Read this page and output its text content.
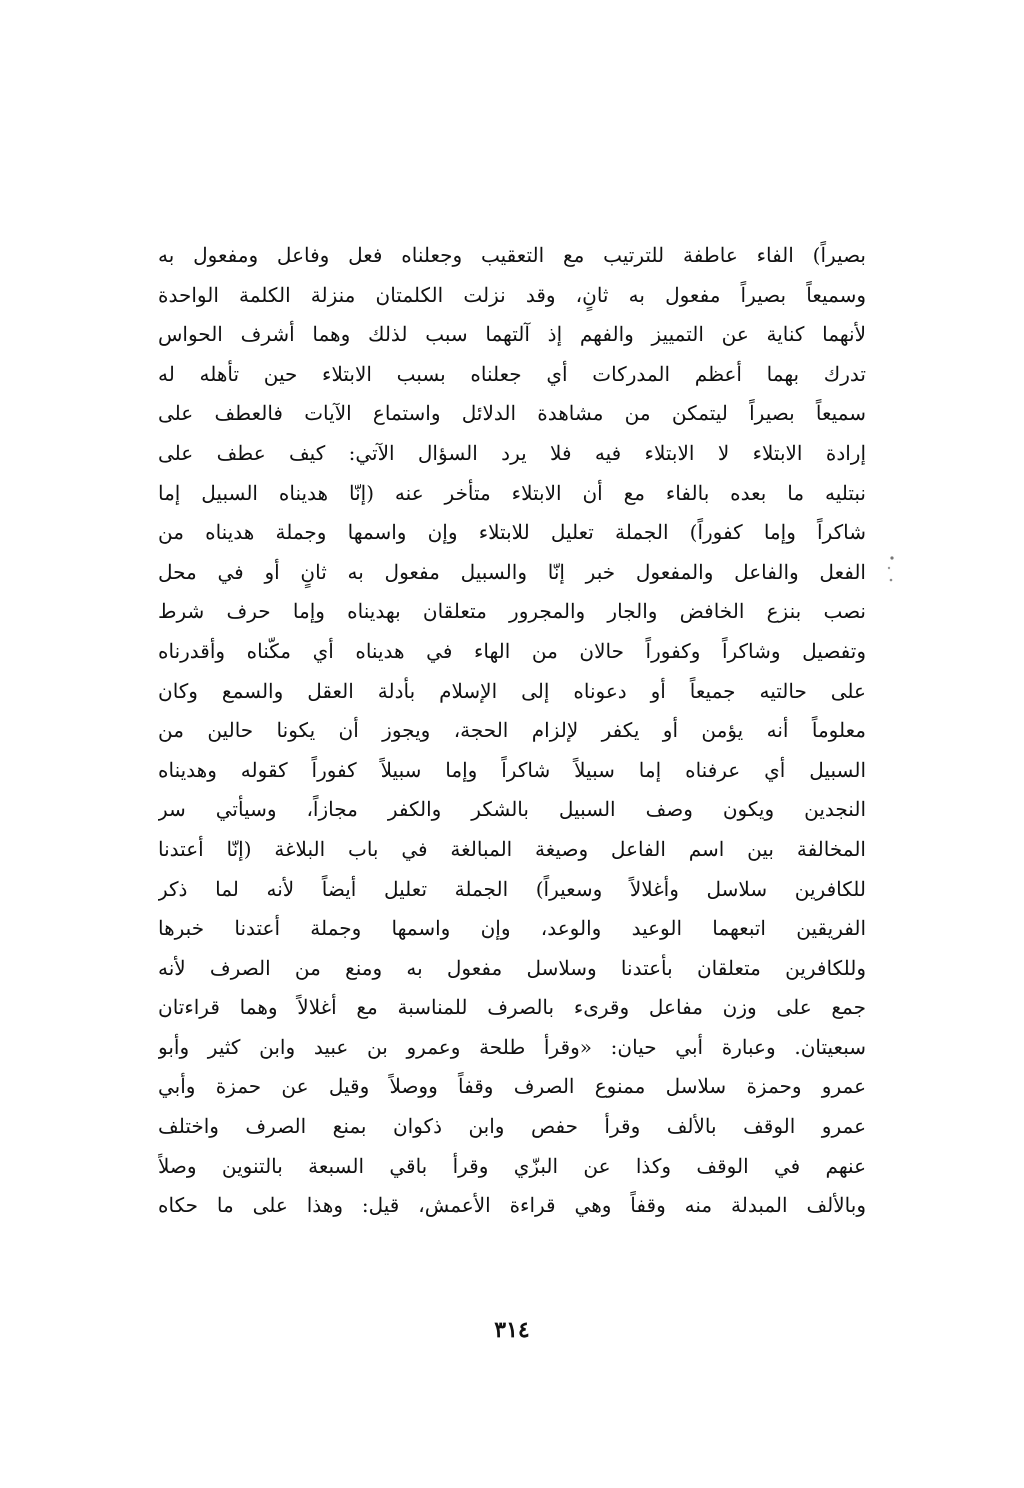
بصيراً) الفاء عاطفة للترتيب مع التعقيب وجعلناه فعل وفاعل ومفعول به
وسميعاً بصيراً مفعول به ثانٍ، وقد نزلت الكلمتان منزلة الكلمة الواحدة
لأنهما كناية عن التمييز والفهم إذ آلتهما سبب لذلك وهما أشرف الحواس
تدرك بهما أعظم المدركات أي جعلناه بسبب الابتلاء حين تأهله له
سميعاً بصيراً ليتمكن من مشاهدة الدلائل واستماع الآيات فالعطف على
إرادة الابتلاء لا الابتلاء فيه فلا يرد السؤال الآتي: كيف عطف على
نبتليه ما بعده بالفاء مع أن الابتلاء متأخر عنه (إنّا هديناه السبيل إما
شاكراً وإما كفوراً) الجملة تعليل للابتلاء وإن واسمها وجملة هديناه من
الفعل والفاعل والمفعول خبر إنّا والسبيل مفعول به ثانٍ أو في محل
نصب بنزع الخافض والجار والمجرور متعلقان بهديناه وإما حرف شرط
وتفصيل وشاكراً وكفوراً حالان من الهاء في هديناه أي مكّناه وأقدرناه
على حالتيه جميعاً أو دعوناه إلى الإسلام بأدلة العقل والسمع وكان
معلوماً أنه يؤمن أو يكفر لإلزام الحجة، ويجوز أن يكونا حالين من
السبيل أي عرفناه إما سبيلاً شاكراً وإما سبيلاً كفوراً كقوله وهديناه
النجدين ويكون وصف السبيل بالشكر والكفر مجازاً، وسيأتي سر
المخالفة بين اسم الفاعل وصيغة المبالغة في باب البلاغة (إنّا أعتدنا
للكافرين سلاسل وأغلالاً وسعيراً) الجملة تعليل أيضاً لأنه لما ذكر
الفريقين اتبعهما الوعيد والوعد، وإن واسمها وجملة أعتدنا خبرها
وللكافرين متعلقان بأعتدنا وسلاسل مفعول به ومنع من الصرف لأنه
جمع على وزن مفاعل وقرىء بالصرف للمناسبة مع أغلالاً وهما قراءتان
سبعيتان. وعبارة أبي حيان: «وقرأ طلحة وعمرو بن عبيد وابن كثير وأبو
عمرو وحمزة سلاسل ممنوع الصرف وقفاً ووصلاً وقيل عن حمزة وأبي
عمرو الوقف بالألف وقرأ حفص وابن ذكوان بمنع الصرف واختلف
عنهم في الوقف وكذا عن البزّي وقرأ باقي السبعة بالتنوين وصلاً
وبالألف المبدلة منه وقفاً وهي قراءة الأعمش، قيل: وهذا على ما حكاه
٣١٤
